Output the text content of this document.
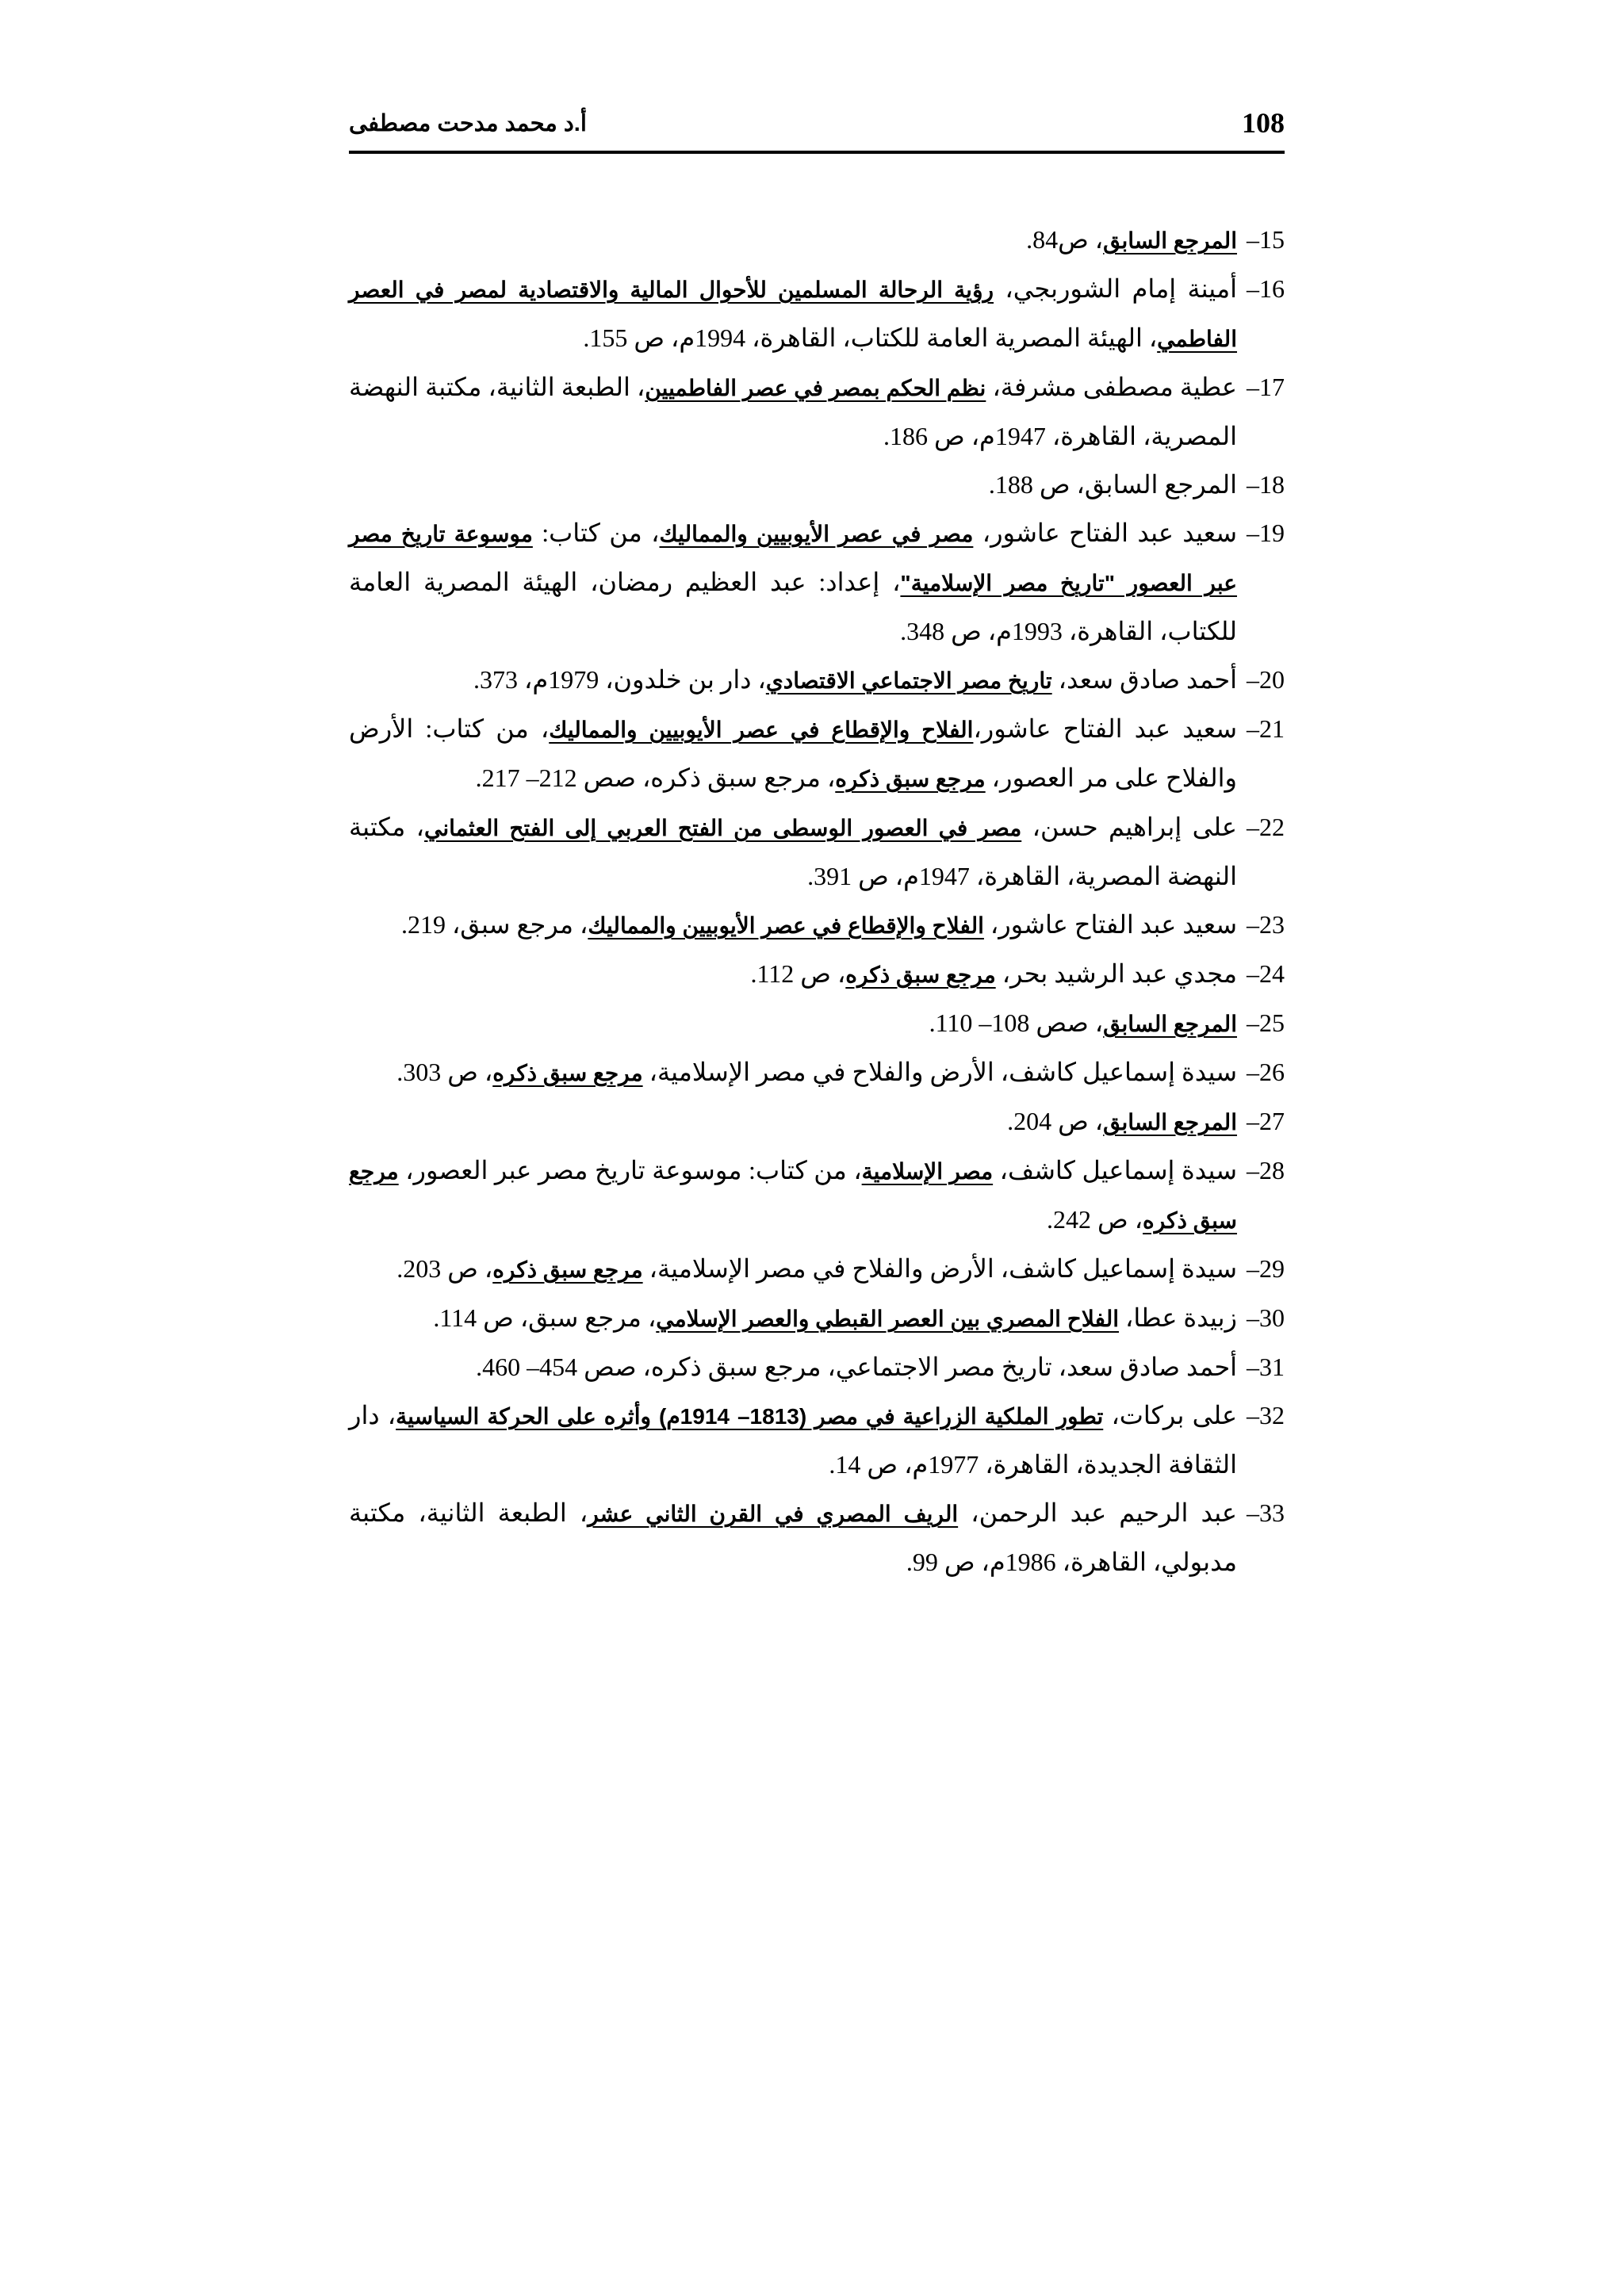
108
أ.د محمد مدحت مصطفى
15–المرجع السابق، ص84.
16–أمينة إمام الشوربجي، رؤية الرحالة المسلمين للأحوال المالية والاقتصادية لمصر في العصر الفاطمي، الهيئة المصرية العامة للكتاب، القاهرة، 1994م، ص 155.
17–عطية مصطفى مشرفة، نظم الحكم بمصر في عصر الفاطميين، الطبعة الثانية، مكتبة النهضة المصرية، القاهرة، 1947م، ص 186.
18–المرجع السابق، ص 188.
19–سعيد عبد الفتاح عاشور، مصر في عصر الأيوبيين والمماليك، من كتاب: موسوعة تاريخ مصر عبر العصور "تاريخ مصر الإسلامية"، إعداد: عبد العظيم رمضان، الهيئة المصرية العامة للكتاب، القاهرة، 1993م، ص 348.
20–أحمد صادق سعد، تاريخ مصر الاجتماعي الاقتصادي، دار بن خلدون، 1979م، 373.
21–سعيد عبد الفتاح عاشور،الفلاح والإقطاع في عصر الأيوبيين والمماليك، من كتاب: الأرض والفلاح على مر العصور، مرجع سبق ذكره، مرجع سبق ذكره، صص 212– 217.
22–على إبراهيم حسن، مصر في العصور الوسطى من الفتح العربي إلى الفتح العثماني، مكتبة النهضة المصرية، القاهرة، 1947م، ص 391.
23–سعيد عبد الفتاح عاشور، الفلاح والإقطاع في عصر الأيوبيين والمماليك، مرجع سبق، 219.
24–مجدي عبد الرشيد بحر، مرجع سبق ذكره، ص 112.
25–المرجع السابق، صص 108– 110.
26–سيدة إسماعيل كاشف، الأرض والفلاح في مصر الإسلامية، مرجع سبق ذكره، ص 303.
27–المرجع السابق، ص 204.
28–سيدة إسماعيل كاشف، مصر الإسلامية، من كتاب: موسوعة تاريخ مصر عبر العصور، مرجع سبق ذكره، ص 242.
29–سيدة إسماعيل كاشف، الأرض والفلاح في مصر الإسلامية، مرجع سبق ذكره، ص 203.
30–زبيدة عطا، الفلاح المصري بين العصر القبطي والعصر الإسلامي، مرجع سبق، ص 114.
31–أحمد صادق سعد، تاريخ مصر الاجتماعي، مرجع سبق ذكره، صص 454– 460.
32–على بركات، تطور الملكية الزراعية في مصر (1813– 1914م) وأثره على الحركة السياسية، دار الثقافة الجديدة، القاهرة، 1977م، ص 14.
33–عبد الرحيم عبد الرحمن، الريف المصري في القرن الثاني عشر، الطبعة الثانية، مكتبة مدبولي، القاهرة، 1986م، ص 99.
